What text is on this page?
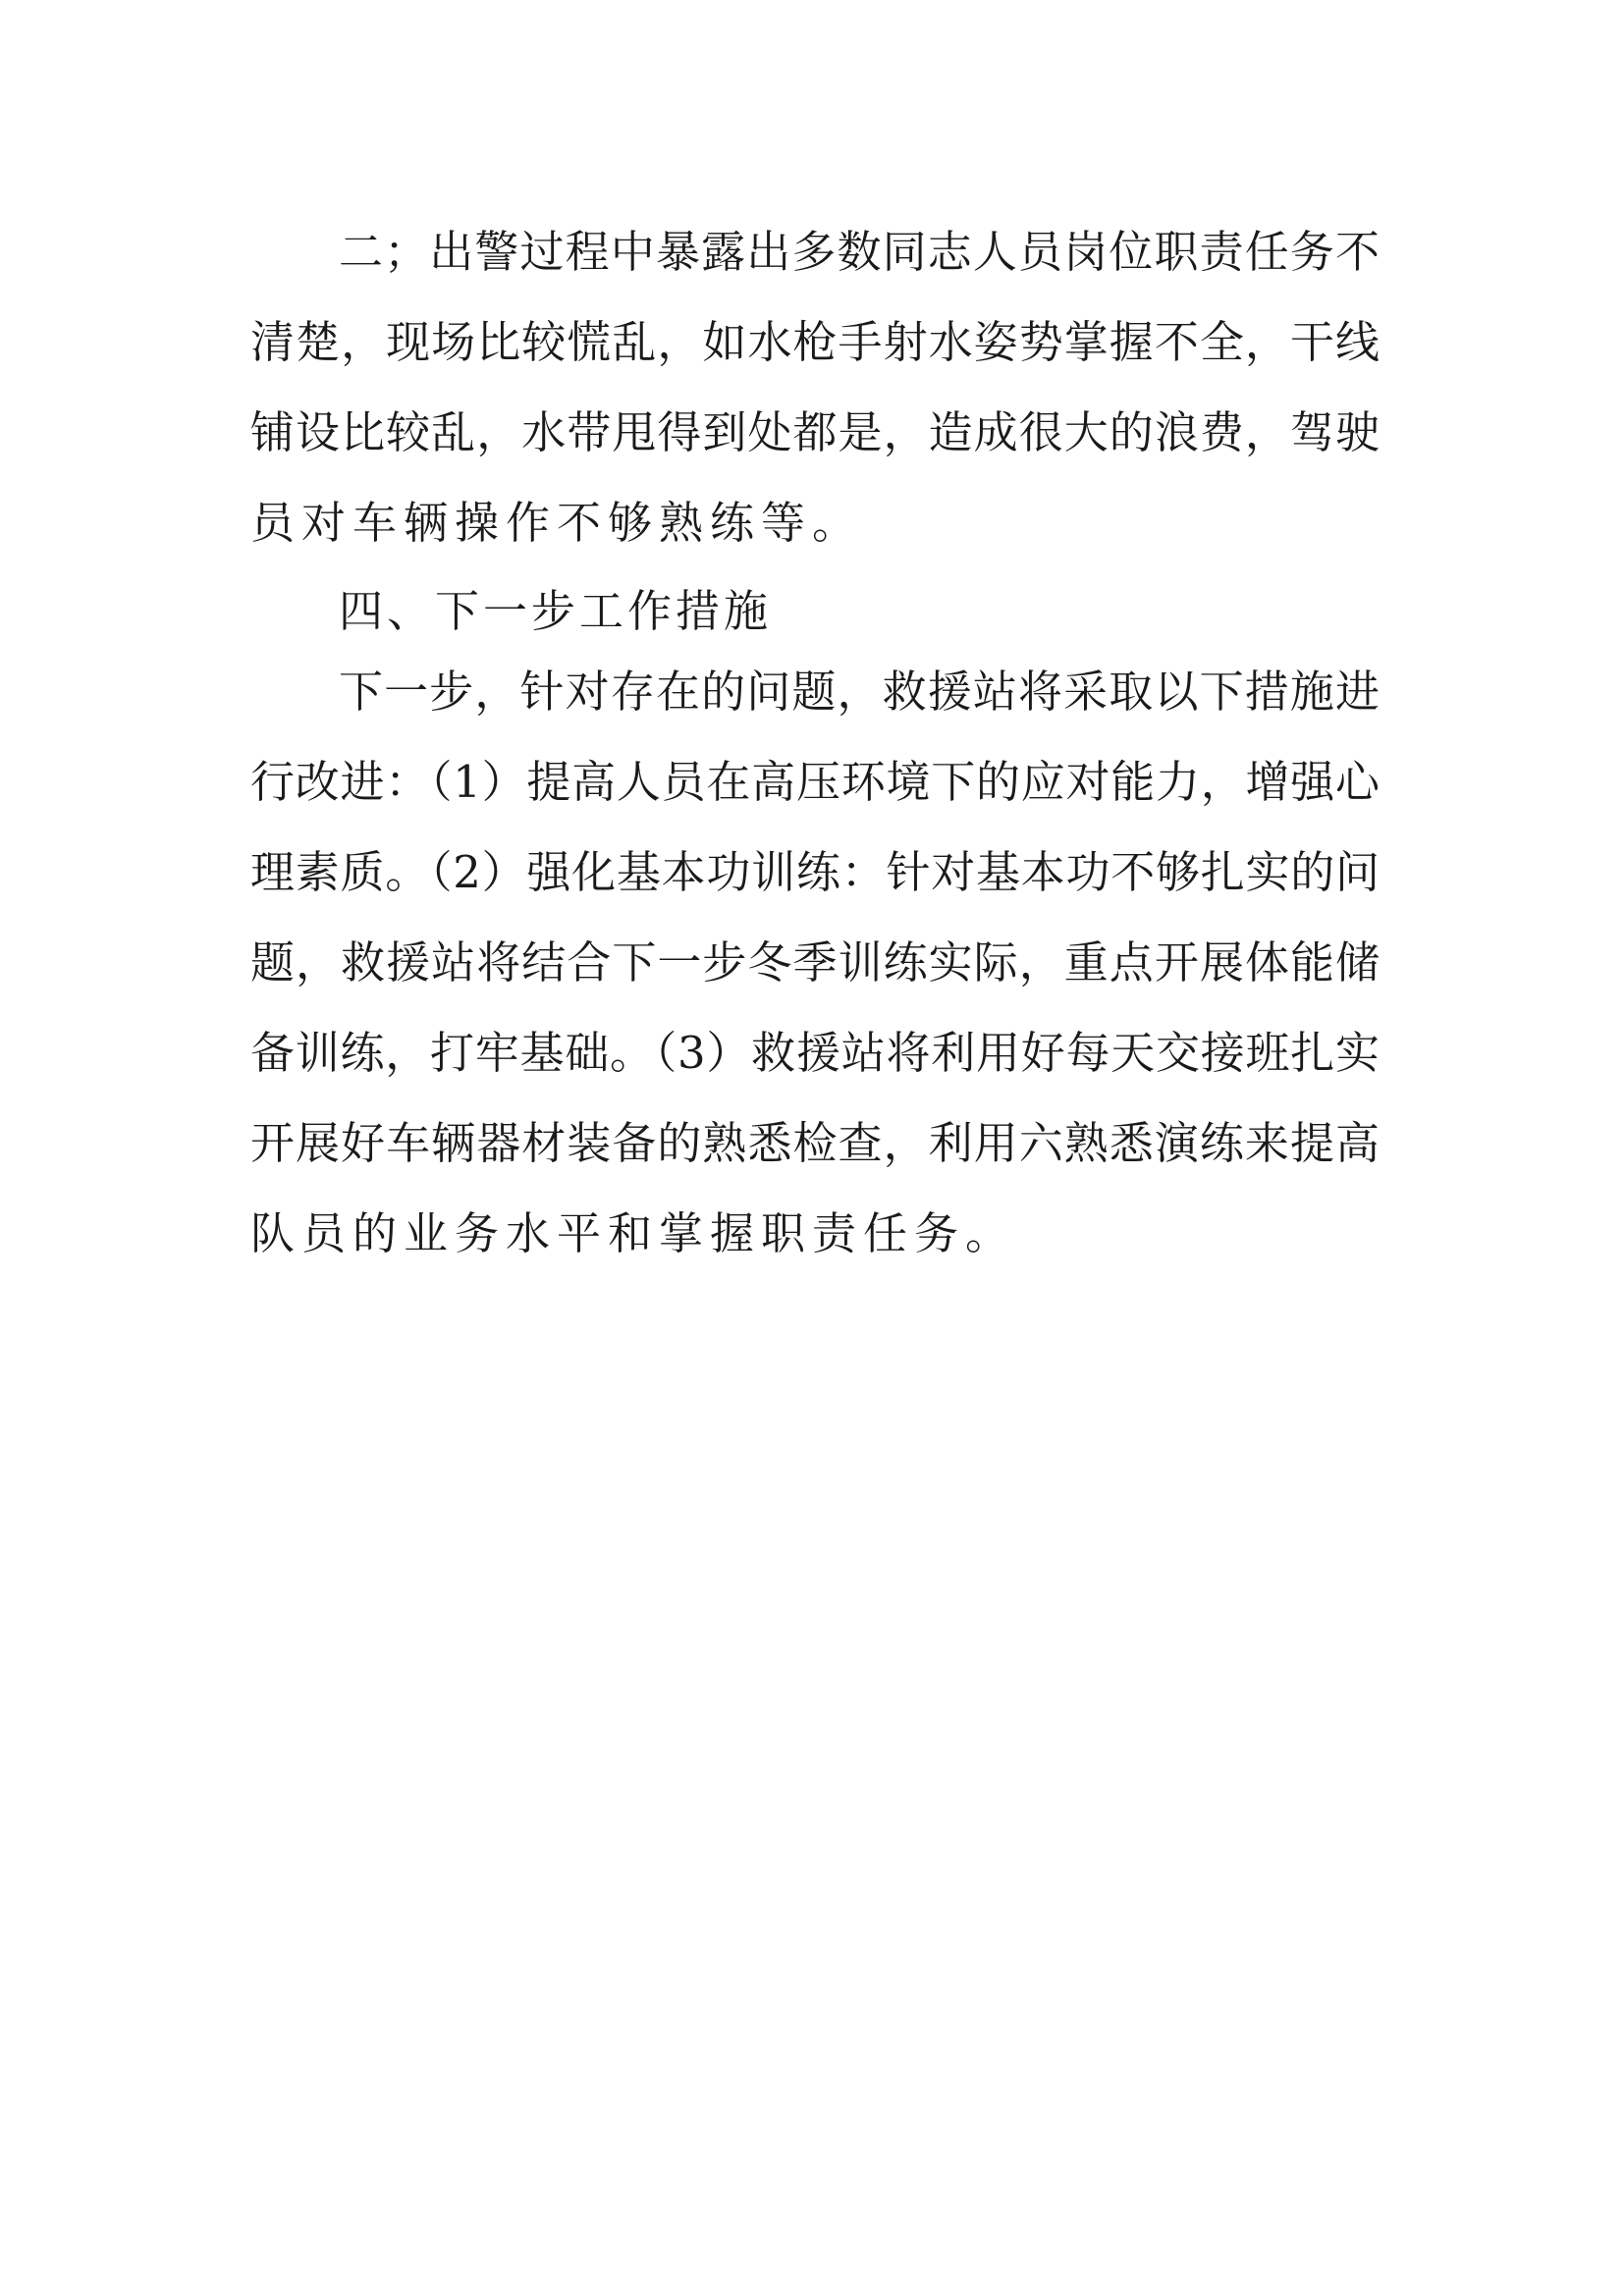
二；出警过程中暴露出多数同志人员岗位职责任务不
清楚，现场比较慌乱，如水枪手射水姿势掌握不全，干线
铺设比较乱，水带甩得到处都是，造成很大的浪费，驾驶
员对车辆操作不够熟练等。
四、下一步工作措施
下一步，针对存在的问题，救援站将采取以下措施进
行改进：（1）提高人员在高压环境下的应对能力，增强心
理素质。（2）强化基本功训练：针对基本功不够扎实的问
题，救援站将结合下一步冬季训练实际，重点开展体能储
备训练，打牢基础。（3）救援站将利用好每天交接班扎实
开展好车辆器材装备的熟悉检查，利用六熟悉演练来提高
队员的业务水平和掌握职责任务。
